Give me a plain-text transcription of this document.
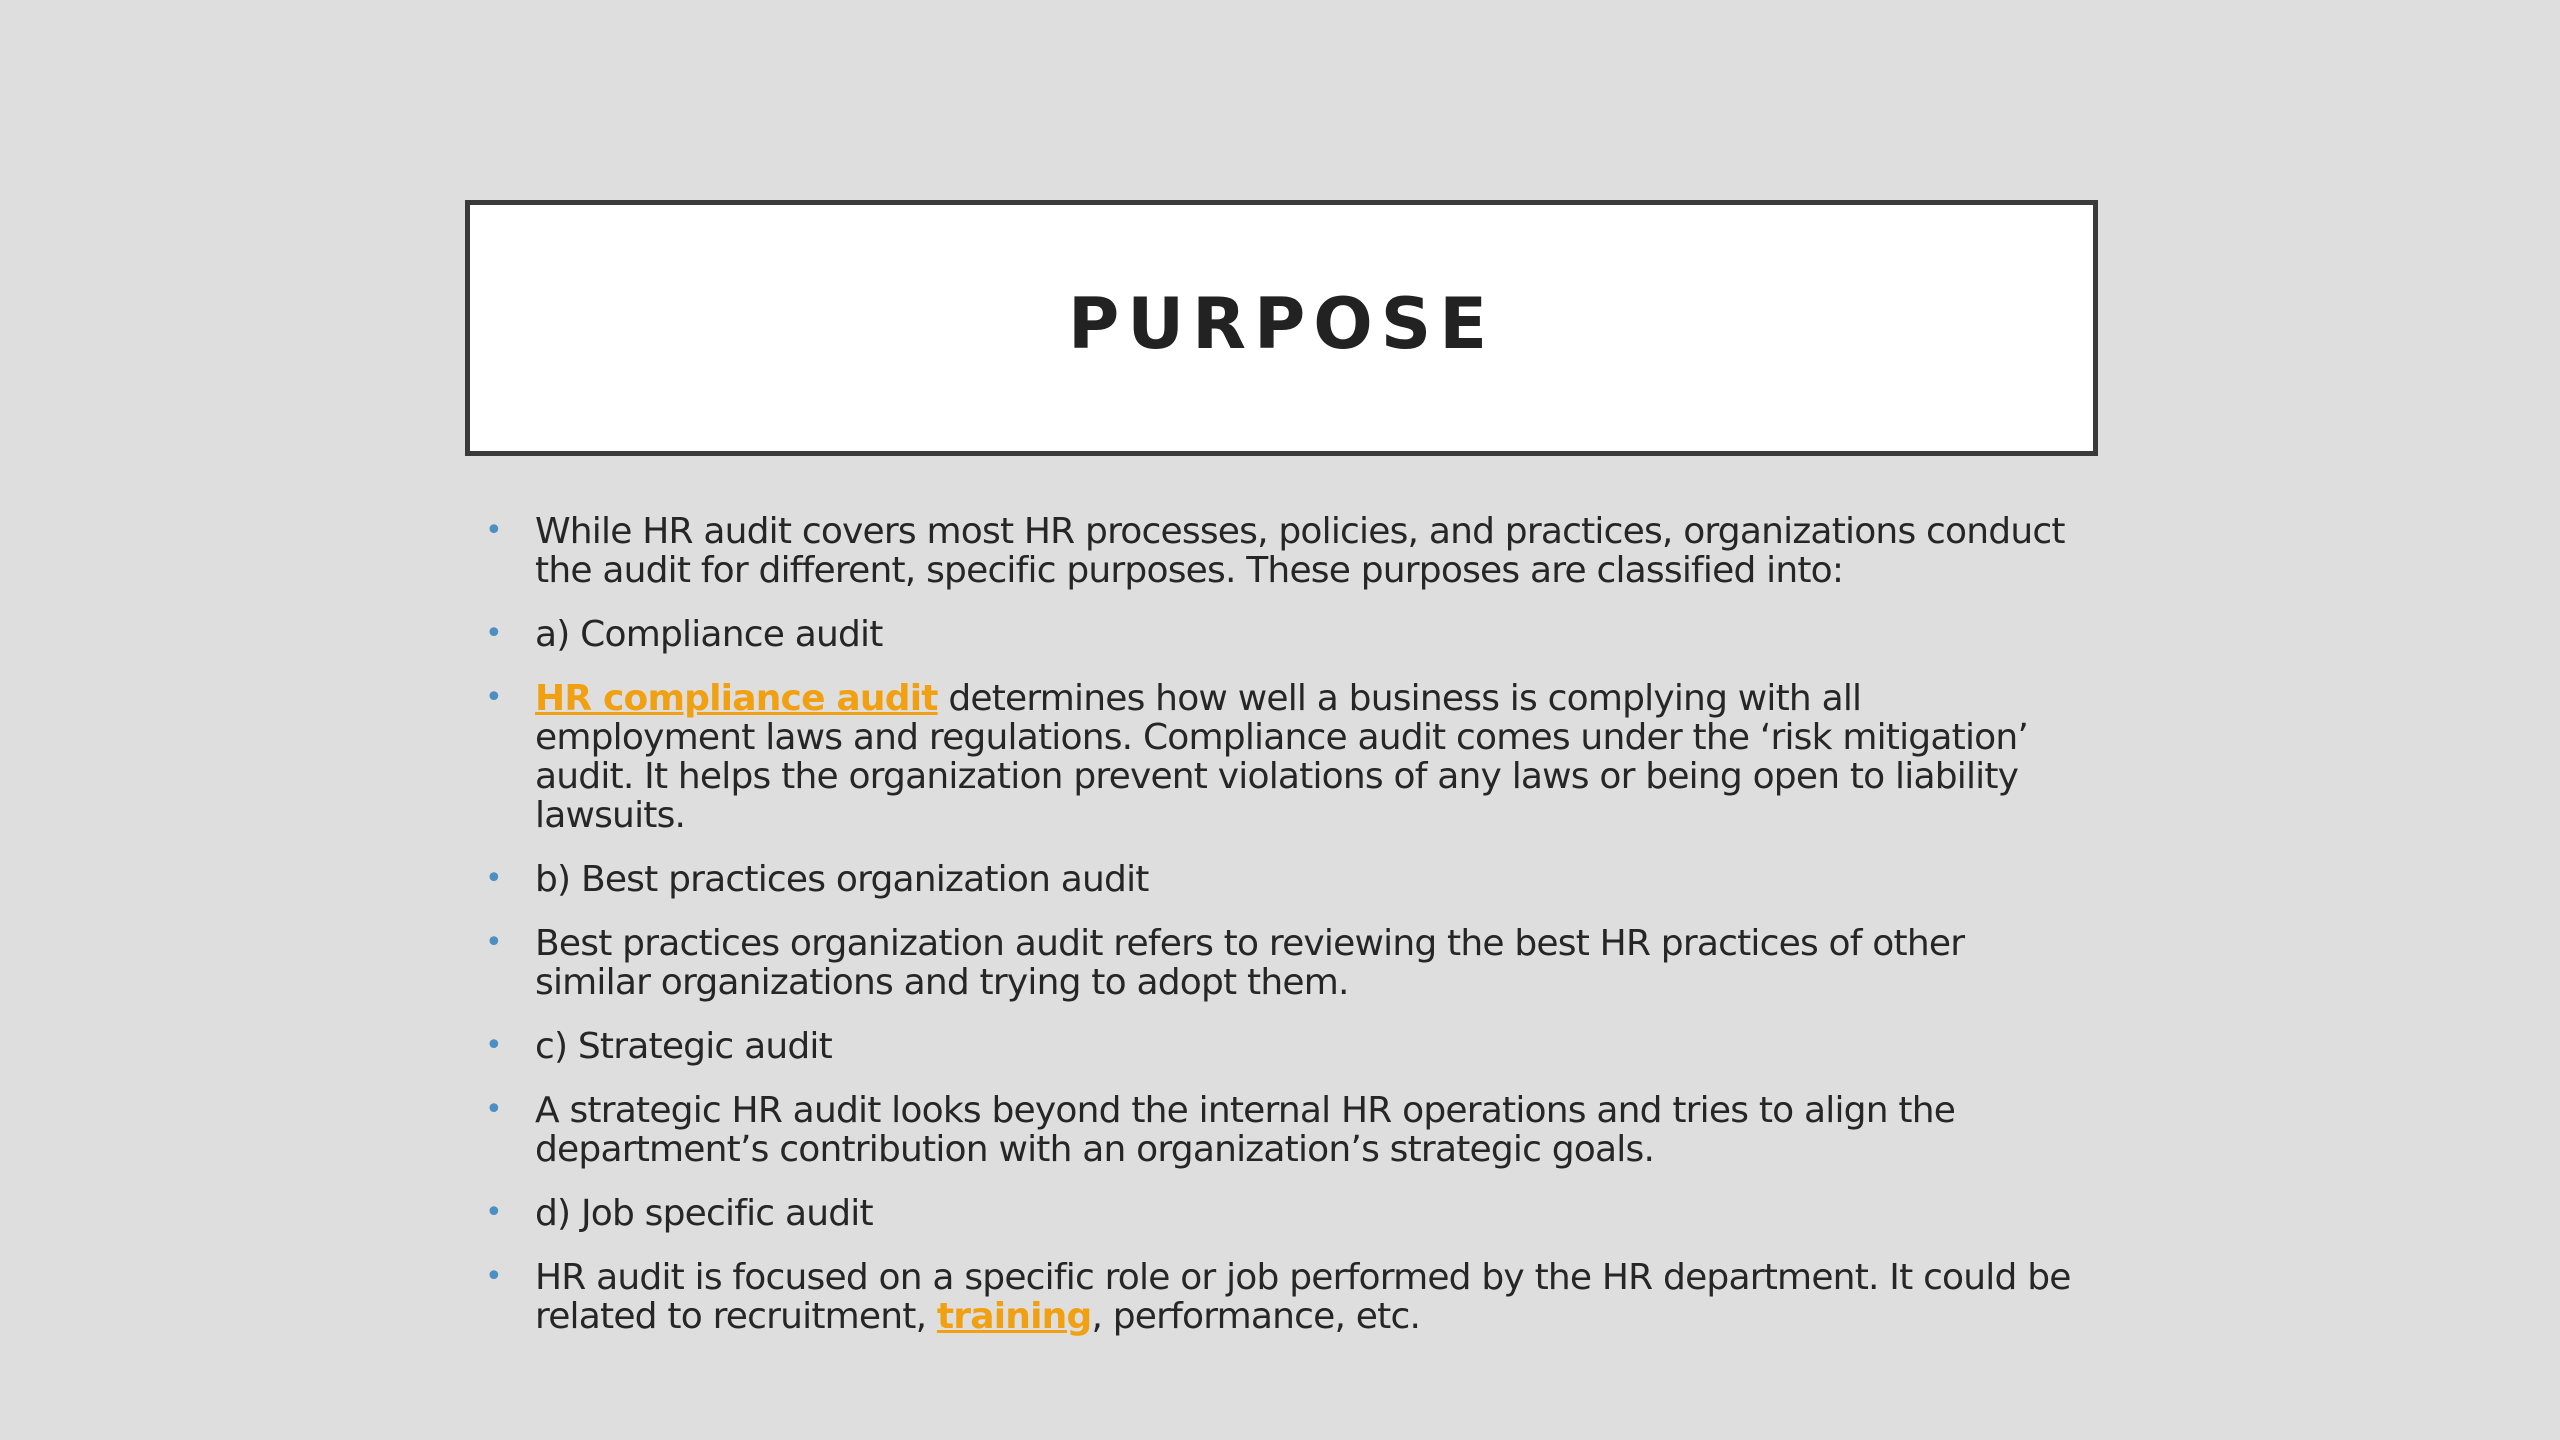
PURPOSE
• While HR audit covers most HR processes, policies, and practices, organizations conduct the audit for different, specific purposes. These purposes are classified into:
• a) Compliance audit
• HR compliance audit determines how well a business is complying with all employment laws and regulations. Compliance audit comes under the ‘risk mitigation’ audit. It helps the organization prevent violations of any laws or being open to liability lawsuits.
• b) Best practices organization audit
• Best practices organization audit refers to reviewing the best HR practices of other similar organizations and trying to adopt them.
• c) Strategic audit
• A strategic HR audit looks beyond the internal HR operations and tries to align the department’s contribution with an organization’s strategic goals.
• d) Job specific audit
• HR audit is focused on a specific role or job performed by the HR department. It could be related to recruitment, training, performance, etc.
